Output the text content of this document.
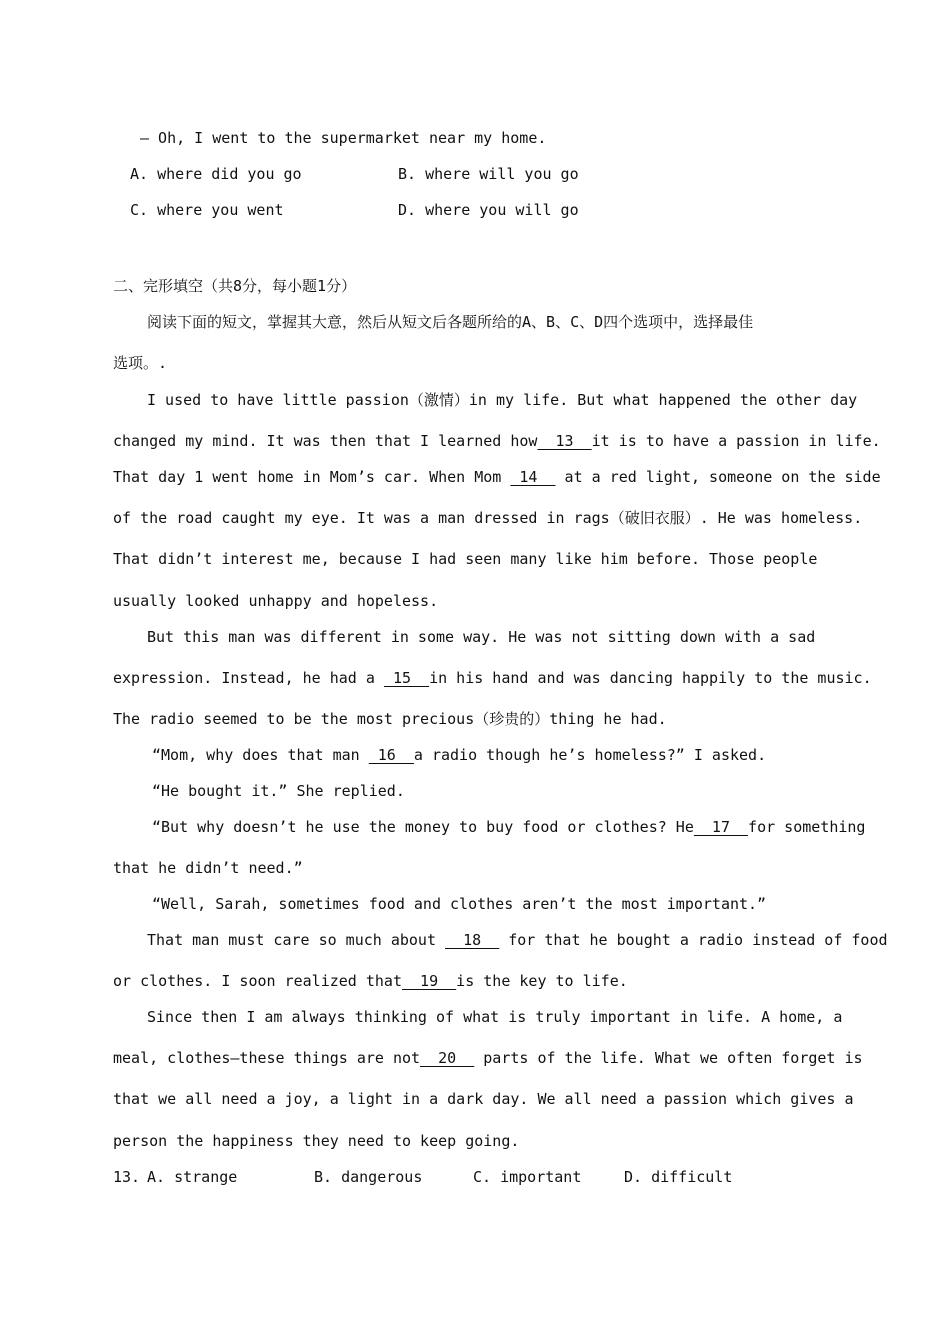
— Oh, I went to the supermarket near my home.
A. where did you go	B. where will you go
C. where you went	D. where you will go
二、完形填空（共8分，每小题1分）
阅读下面的短文，掌握其大意，然后从短文后各题所给的A、B、C、D四个选项中，选择最佳
选项。.
I used to have little passion（激情）in my life. But what happened the other day
changed my mind. It was then that I learned how  13  it is to have a passion in life.
That day 1 went home in Mom’s car. When Mom  14   at a red light, someone on the side
of the road caught my eye. It was a man dressed in rags（破旧衣服）. He was homeless.
That didn’t interest me, because I had seen many like him before. Those people
usually looked unhappy and hopeless.
But this man was different in some way. He was not sitting down with a sad
expression. Instead, he had a  15  in his hand and was dancing happily to the music.
The radio seemed to be the most precious（珍贵的）thing he had.
“Mom, why does that man  16  a radio though he’s homeless?” I asked.
“He bought it.” She replied.
“But why doesn’t he use the money to buy food or clothes? He  17  for something
that he didn’t need.”
“Well, Sarah, sometimes food and clothes aren’t the most important.”
That man must care so much about   18   for that he bought a radio instead of food
or clothes. I soon realized that  19  is the key to life.
Since then I am always thinking of what is truly important in life. A home, a
meal, clothes—these things are not  20   parts of the life. What we often forget is
that we all need a joy, a light in a dark day. We all need a passion which gives a
person the happiness they need to keep going.
13. A. strange	B. dangerous	C. important	D. difficult
